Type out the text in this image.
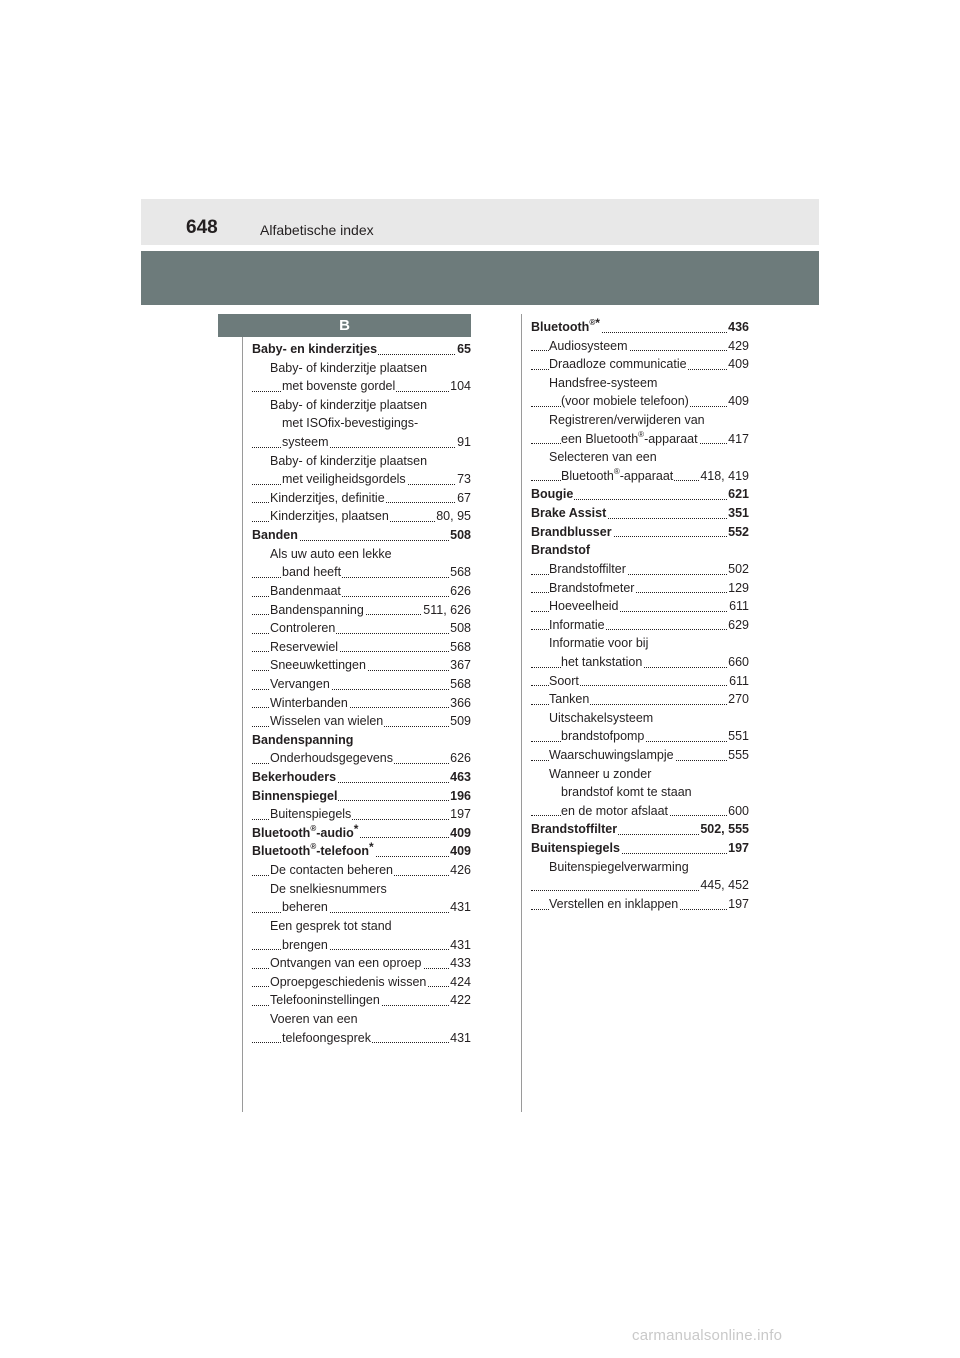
648	Alfabetische index
B
Baby- en kinderzitjes	65
Baby- of kinderzitje plaatsen
met bovenste gordel	104
Baby- of kinderzitje plaatsen
met ISOfix-bevestigings-
systeem	91
Baby- of kinderzitje plaatsen
met veiligheidsgordels	73
Kinderzitjes, definitie	67
Kinderzitjes, plaatsen	80, 95
Banden	508
Als uw auto een lekke
band heeft	568
Bandenmaat	626
Bandenspanning	511, 626
Controleren	508
Reservewiel	568
Sneeuwkettingen	367
Vervangen	568
Winterbanden	366
Wisselen van wielen	509
Bandenspanning
Onderhoudsgegevens	626
Bekerhouders	463
Binnenspiegel	196
Buitenspiegels	197
Bluetooth®-audio*	409
Bluetooth®-telefoon*	409
De contacten beheren	426
De snelkiesnummers
beheren	431
Een gesprek tot stand
brengen	431
Ontvangen van een oproep 433
Oproepgeschiedenis wissen 424
Telefooninstellingen	422
Voeren van een
telefoongesprek	431
Bluetooth®*	436
Audiosysteem	429
Draadloze communicatie	409
Handsfree-systeem
(voor mobiele telefoon)	409
Registreren/verwijderen van
een Bluetooth®-apparaat 417
Selecteren van een
Bluetooth®-apparaat 418, 419
Bougie	621
Brake Assist	351
Brandblusser	552
Brandstof
Brandstoffilter	502
Brandstofmeter	129
Hoeveelheid	611
Informatie	629
Informatie voor bij
het tankstation	660
Soort	611
Tanken	270
Uitschakelsysteem
brandstofpomp	551
Waarschuwingslampje	555
Wanneer u zonder
brandstof komt te staan
en de motor afslaat	600
Brandstoffilter	502, 555
Buitenspiegels	197
Buitenspiegelverwarming
445, 452
Verstellen en inklappen	197
carmanualsonline.info
